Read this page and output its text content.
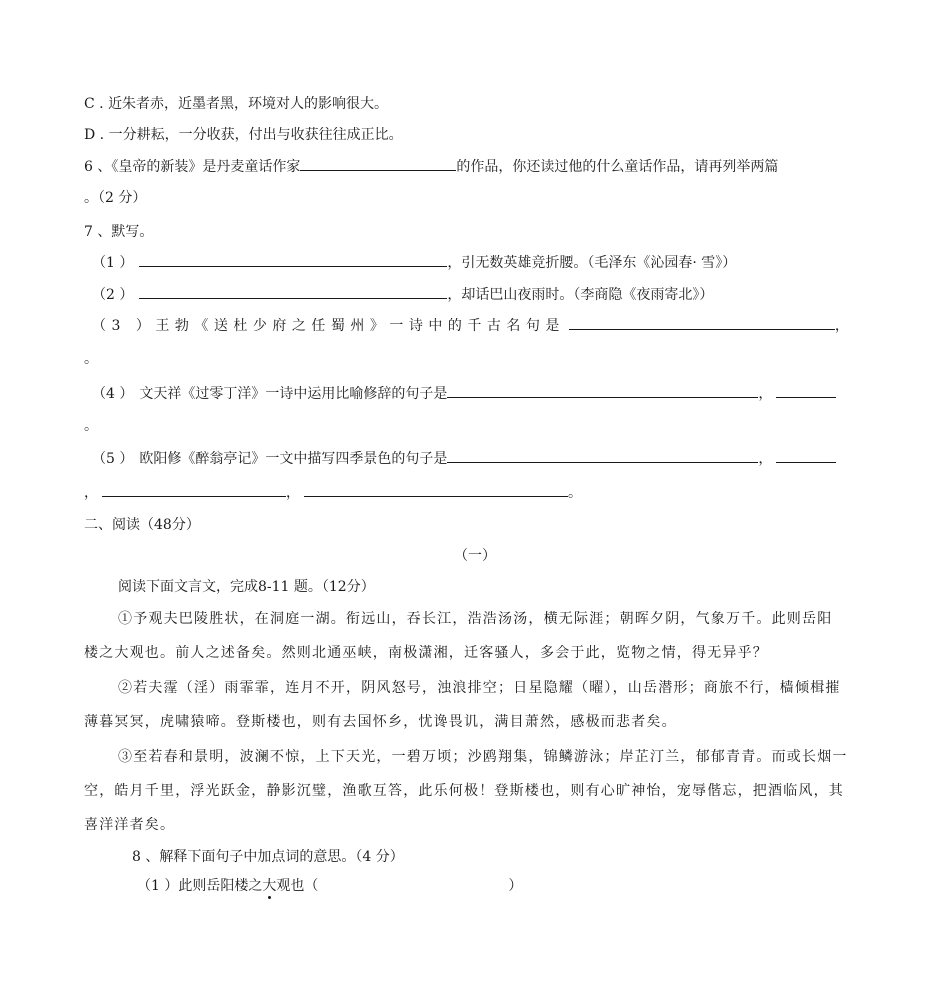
C . 近朱者赤，近墨者黑，环境对人的影响很大。
D . 一分耕耘，一分收获，付出与收获往往成正比。
6 、《皇帝的新装》是丹麦童话作家	的作品，你还读过他的什么童话作品，请再列举两篇
。（2 分）
7 、默写。
（1 ）	，引无数英雄竞折腰。（毛泽东《沁园春· 雪》）
（2 ）	，却话巴山夜雨时。（李商隐《夜雨寄北》）
（3 ）王勃《送杜少府之任蜀州》一诗中的千古名句是	，
。
（4 ） 文天祥《过零丁洋》一诗中运用比喻修辞的句子是	，
。
（5 ） 欧阳修《醉翁亭记》一文中描写四季景色的句子是	，
，	，	。
二、阅读（48分）
（一）
阅读下面文言文，完成8-11 题。（12分）
①予观夫巴陵胜状，在洞庭一湖。衔远山，吞长江，浩浩汤汤，横无际涯；朝晖夕阴，气象万千。此则岳阳
楼之大观也。前人之述备矣。然则北通巫峡，南极潇湘，迁客骚人，多会于此，览物之情，得无异乎？
②若夫霪（淫）雨霏霏，连月不开，阴风怒号，浊浪排空；日星隐耀（曜），山岳潜形；商旅不行，樯倾楫摧
薄暮冥冥，虎啸猿啼。登斯楼也，则有去国怀乡，忧谗畏讥，满目萧然，感极而悲者矣。
③至若春和景明，波澜不惊，上下天光，一碧万顷；沙鸥翔集，锦鳞游泳；岸芷汀兰，郁郁青青。而或长烟一
空，皓月千里，浮光跃金，静影沉璧，渔歌互答，此乐何极！登斯楼也，则有心旷神怡，宠辱偕忘，把酒临风，其
喜洋洋者矣。
8 、解释下面句子中加点词的意思。（4 分）
（1 ）此则岳阳楼之大观也（	）
